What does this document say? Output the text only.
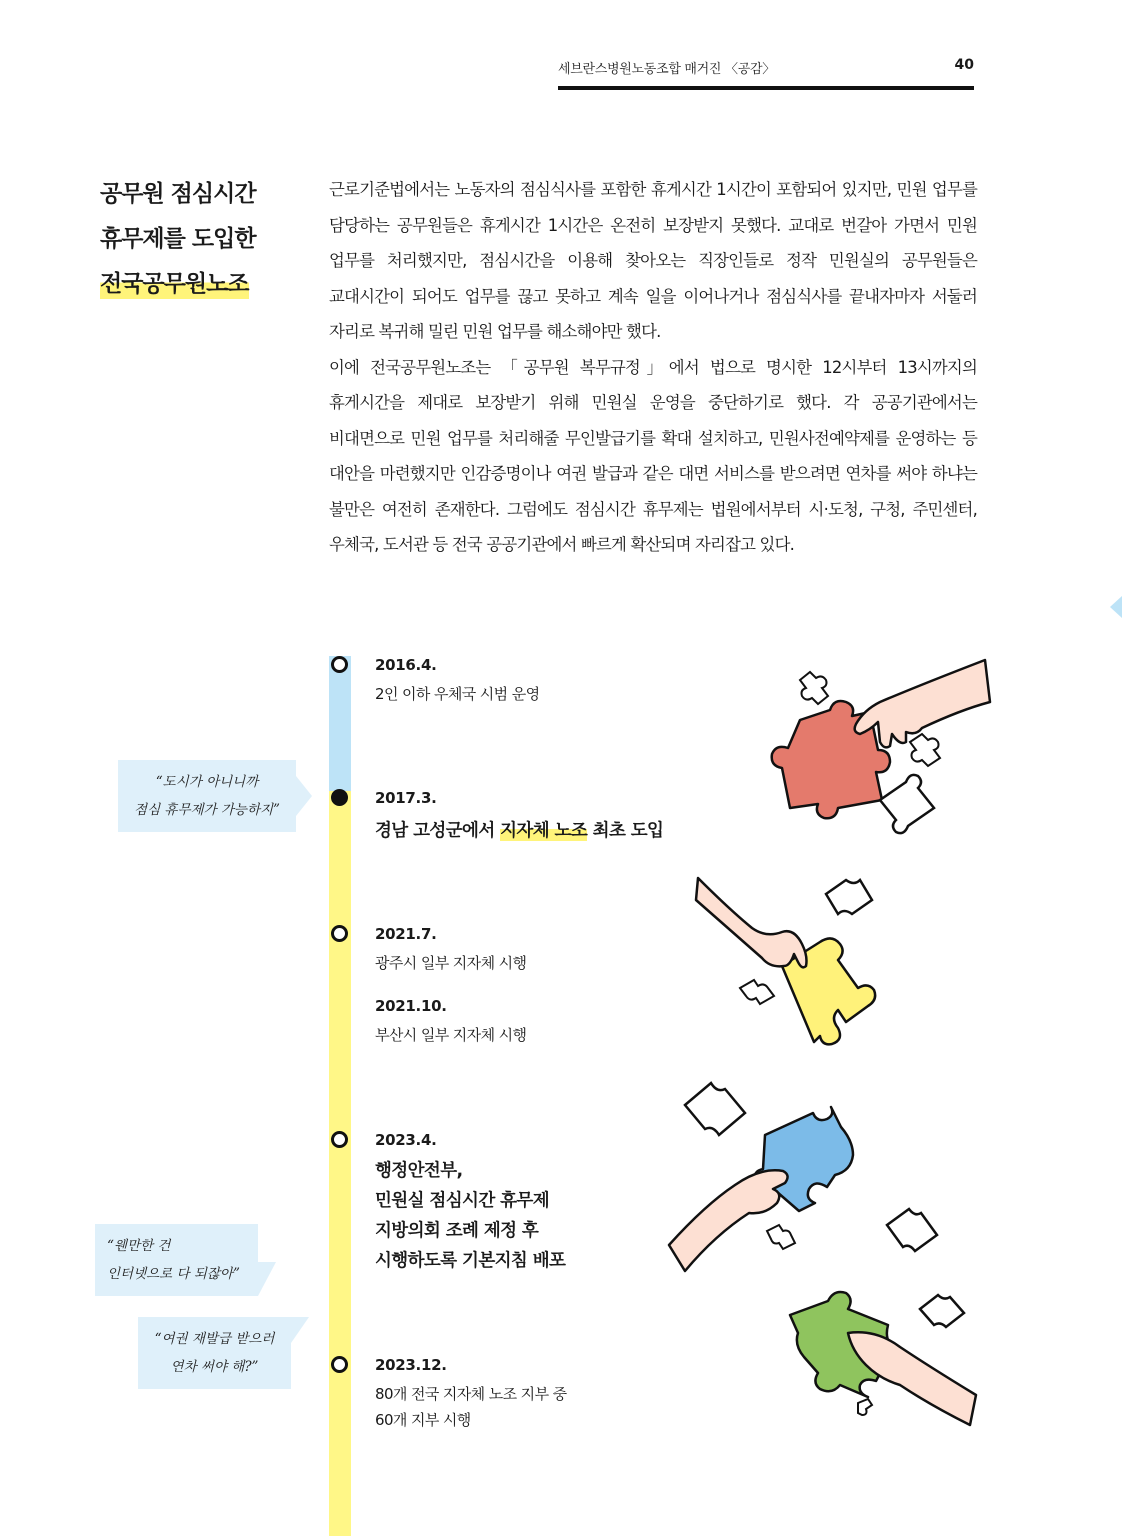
세브란스병원노동조합 매거진 〈공감〉	40
공무원 점심시간
휴무제를 도입한
전국공무원노조

근로기준법에서는 노동자의 점심식사를 포함한 휴게시간 1시간이 포함되어 있지만, 민원 업무를 담당하는 공무원들은 휴게시간 1시간은 온전히 보장받지 못했다. 교대로 번갈아 가면서 민원 업무를 처리했지만, 점심시간을 이용해 찾아오는 직장인들로 정작 민원실의 공무원들은 교대시간이 되어도 업무를 끊고 못하고 계속 일을 이어나거나 점심식사를 끝내자마자 서둘러 자리로 복귀해 밀린 민원 업무를 해소해야만 했다.

이에 전국공무원노조는 「공무원 복무규정」에서 법으로 명시한 12시부터 13시까지의 휴게시간을 제대로 보장받기 위해 민원실 운영을 중단하기로 했다. 각 공공기관에서는 비대면으로 민원 업무를 처리해줄 무인발급기를 확대 설치하고, 민원사전예약제를 운영하는 등 대안을 마련했지만 인감증명이나 여권 발급과 같은 대면 서비스를 받으려면 연차를 써야 하냐는 불만은 여전히 존재한다. 그럼에도 점심시간 휴무제는 법원에서부터 시·도청, 구청, 주민센터, 우체국, 도서관 등 전국 공공기관에서 빠르게 확산되며 자리잡고 있다.

2016.4.
2인 이하 우체국 시범 운영
2017.3.
경남 고성군에서 지자체 노조 최초 도입
2021.7.
광주시 일부 지자체 시행
2021.10.
부산시 일부 지자체 시행
2023.4.
행정안전부,
민원실 점심시간 휴무제
지방의회 조례 제정 후
시행하도록 기본지침 배포
2023.12.
80개 전국 지자체 노조 지부 중
60개 지부 시행
“도시가 아니니까
점심 휴무제가 가능하지”
“웬만한 건
인터넷으로 다 되잖아”
“여권 재발급 받으러
연차 써야 해?”
